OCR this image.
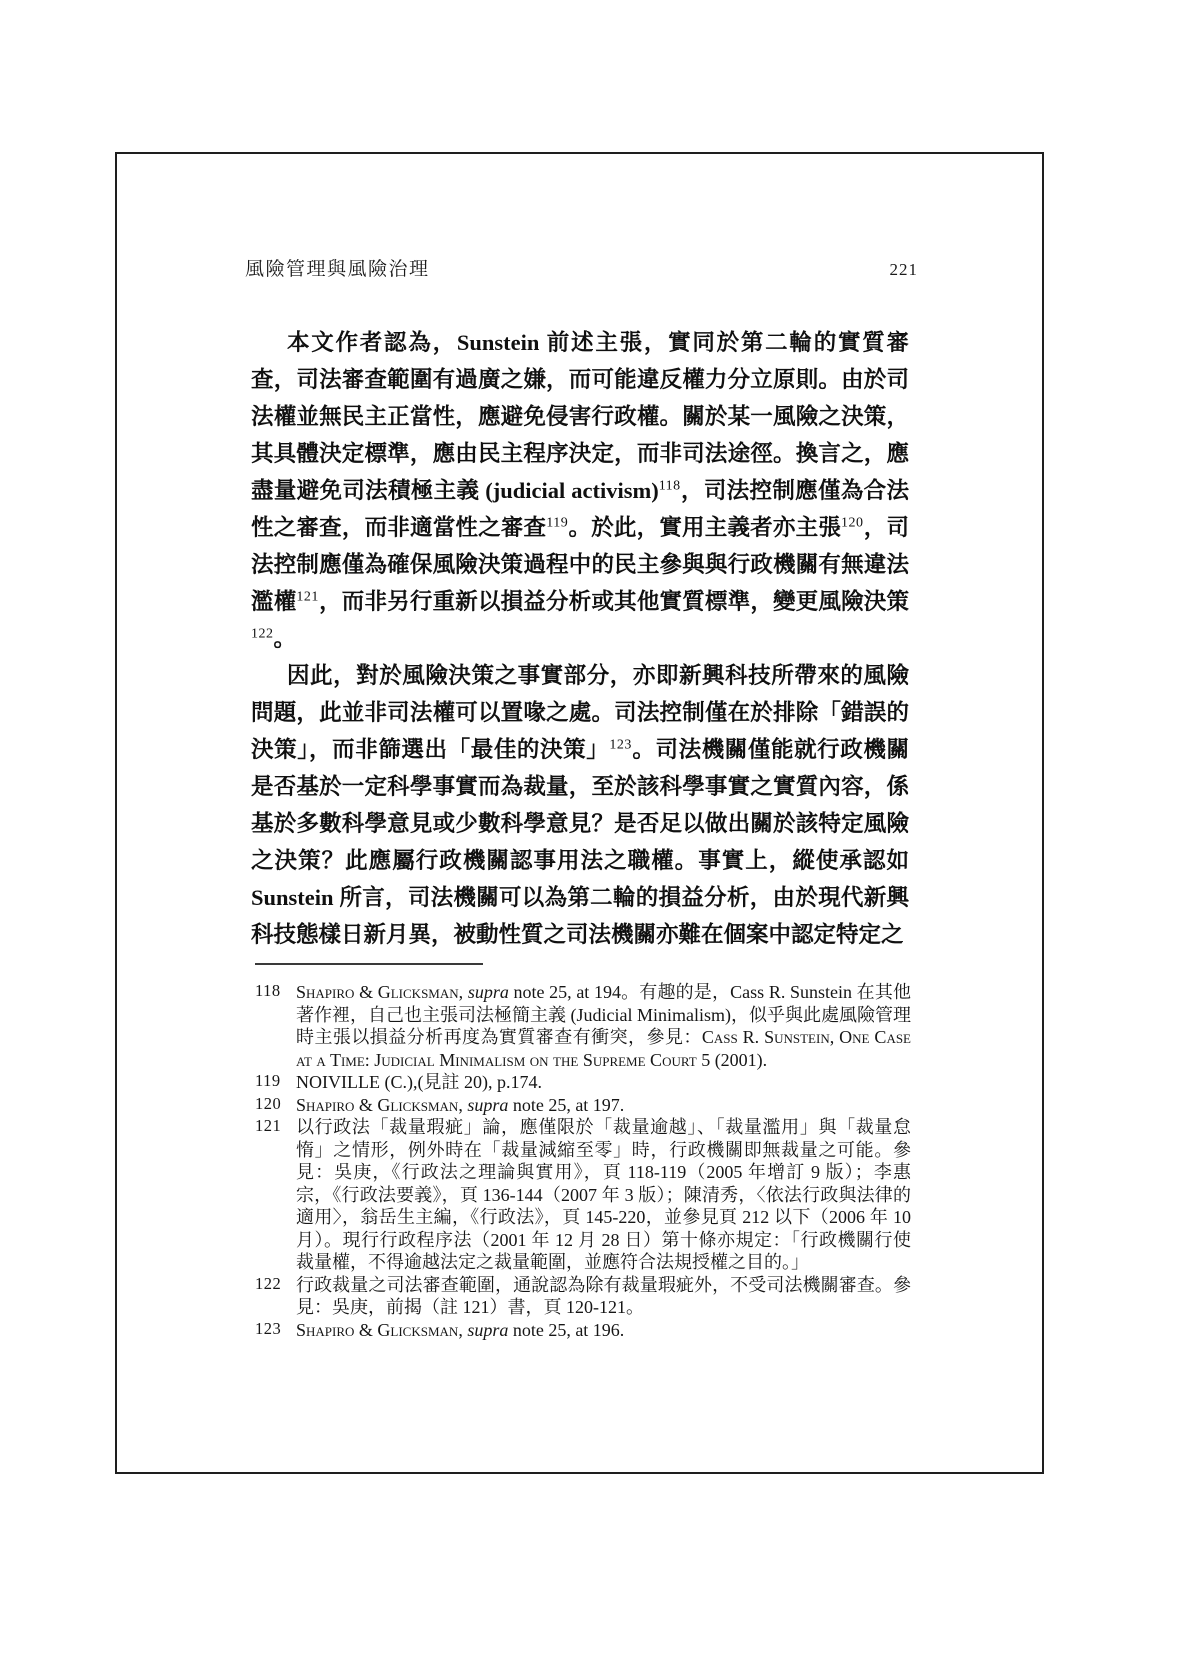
風險管理與風險治理	221

本文作者認為，Sunstein 前述主張，實同於第二輪的實質審查，司法審查範圍有過廣之嫌，而可能違反權力分立原則。由於司法權並無民主正當性，應避免侵害行政權。關於某一風險之決策，其具體決定標準，應由民主程序決定，而非司法途徑。換言之，應盡量避免司法積極主義 (judicial activism)$^{118}$，司法控制應僅為合法性之審查，而非適當性之審查$^{119}$。於此，實用主義者亦主張$^{120}$，司法控制應僅為確保風險決策過程中的民主參與與行政機關有無違法濫權$^{121}$，而非另行重新以損益分析或其他實質標準，變更風險決策$^{122}$。

因此，對於風險決策之事實部分，亦即新興科技所帶來的風險問題，此並非司法權可以置喙之處。司法控制僅在於排除「錯誤的決策」，而非篩選出「最佳的決策」$^{123}$。司法機關僅能就行政機關是否基於一定科學事實而為裁量，至於該科學事實之實質內容，係基於多數科學意見或少數科學意見？是否足以做出關於該特定風險之決策？此應屬行政機關認事用法之職權。事實上，縱使承認如 Sunstein 所言，司法機關可以為第二輪的損益分析，由於現代新興科技態樣日新月異，被動性質之司法機關亦難在個案中認定特定之

118 Shapiro & Glicksman, supra note 25, at 194。有趣的是，Cass R. Sunstein 在其他著作裡，自己也主張司法極簡主義 (Judicial Minimalism)，似乎與此處風險管理時主張以損益分析再度為實質審查有衝突，參見：Cass R. Sunstein, One Case at a Time: Judicial Minimalism on the Supreme Court 5 (2001).
119 NOIVILLE (C.),(見註 20), p.174.
120 Shapiro & Glicksman, supra note 25, at 197.
121 以行政法「裁量瑕疵」論，應僅限於「裁量逾越」、「裁量濫用」與「裁量怠惰」之情形，例外時在「裁量減縮至零」時，行政機關即無裁量之可能。參見：吳庚，《行政法之理論與實用》，頁 118-119（2005 年增訂 9 版）；李惠宗，《行政法要義》，頁 136-144（2007 年 3 版）；陳清秀，〈依法行政與法律的適用〉，翁岳生主編，《行政法》，頁 145-220，並參見頁 212 以下（2006 年 10 月）。現行行政程序法（2001 年 12 月 28 日）第十條亦規定：「行政機關行使裁量權，不得逾越法定之裁量範圍，並應符合法規授權之目的。」
122 行政裁量之司法審查範圍，通說認為除有裁量瑕疵外，不受司法機關審查。參見：吳庚，前揭（註 121）書，頁 120-121。
123 Shapiro & Glicksman, supra note 25, at 196.
